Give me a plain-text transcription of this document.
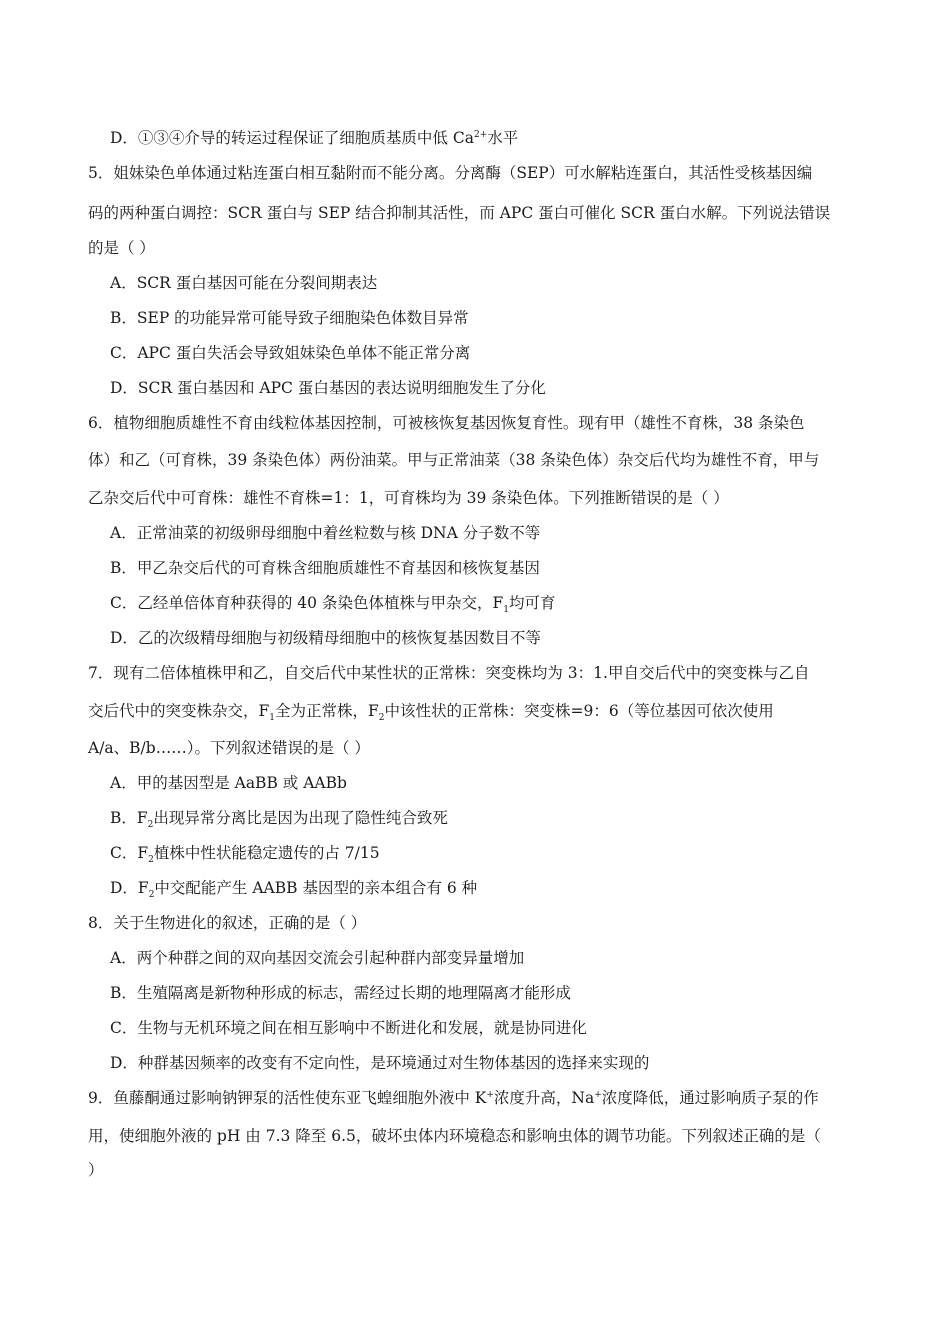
D．①③④介导的转运过程保证了细胞质基质中低 $Ca^{2+}$水平
5．姐妹染色单体通过粘连蛋白相互黏附而不能分离。分离酶（SEP）可水解粘连蛋白，其活性受核基因编
码的两种蛋白调控：SCR 蛋白与 SEP 结合抑制其活性，而 APC 蛋白可催化 SCR 蛋白水解。下列说法错误
的是（ ）
A．SCR 蛋白基因可能在分裂间期表达
B．SEP 的功能异常可能导致子细胞染色体数目异常
C．APC 蛋白失活会导致姐妹染色单体不能正常分离
D．SCR 蛋白基因和 APC 蛋白基因的表达说明细胞发生了分化
6．植物细胞质雄性不育由线粒体基因控制，可被核恢复基因恢复育性。现有甲（雄性不育株，38 条染色
体）和乙（可育株，39 条染色体）两份油菜。甲与正常油菜（38 条染色体）杂交后代均为雄性不育，甲与
乙杂交后代中可育株：雄性不育株=1：1，可育株均为 39 条染色体。下列推断错误的是（ ）
A．正常油菜的初级卵母细胞中着丝粒数与核 DNA 分子数不等
B．甲乙杂交后代的可育株含细胞质雄性不育基因和核恢复基因
C．乙经单倍体育种获得的 40 条染色体植株与甲杂交，$F_1$均可育
D．乙的次级精母细胞与初级精母细胞中的核恢复基因数目不等
7．现有二倍体植株甲和乙，自交后代中某性状的正常株：突变株均为 3：1.甲自交后代中的突变株与乙自
交后代中的突变株杂交，$F_1$全为正常株，$F_2$中该性状的正常株：突变株=9：6（等位基因可依次使用
A/a、B/b……）。下列叙述错误的是（ ）
A．甲的基因型是 AaBB 或 AABb
B．$F_2$出现异常分离比是因为出现了隐性纯合致死
C．$F_2$植株中性状能稳定遗传的占 7/15
D．$F_2$中交配能产生 AABB 基因型的亲本组合有 6 种
8．关于生物进化的叙述，正确的是（ ）
A．两个种群之间的双向基因交流会引起种群内部变异量增加
B．生殖隔离是新物种形成的标志，需经过长期的地理隔离才能形成
C．生物与无机环境之间在相互影响中不断进化和发展，就是协同进化
D．种群基因频率的改变有不定向性，是环境通过对生物体基因的选择来实现的
9．鱼藤酮通过影响钠钾泵的活性使东亚飞蝗细胞外液中 K+浓度升高，Na+浓度降低，通过影响质子泵的作
用，使细胞外液的 pH 由 7.3 降至 6.5，破坏虫体内环境稳态和影响虫体的调节功能。下列叙述正确的是（
）
